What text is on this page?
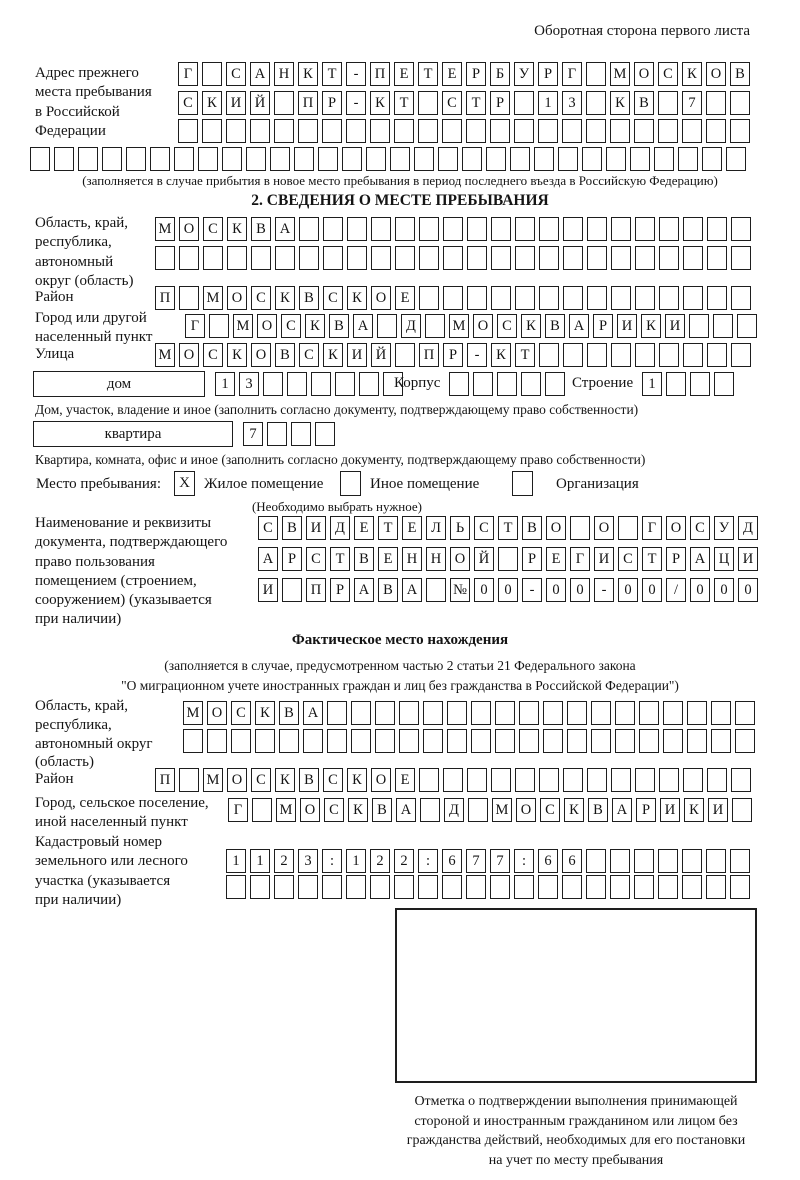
Оборотная сторона первого листа
Адрес прежнего
места пребывания
в Российской
Федерации
Г	С А Н К	Т	-	П Е	Т	Е	Р	Б	У	Р	Г	М О С К О В
С К И Й	П	Р	-	К	Т	С	Т	Р	1	3	К В	7
(заполняется в случае прибытия в новое место пребывания в период последнего въезда в Российскую Федерацию)
2. СВЕДЕНИЯ О МЕСТЕ ПРЕБЫВАНИЯ
Область, край,
республика,
автономный
округ (область)
М О С К В А
Район	П	М О С К В С К О Е
Город или другой
населенный пункт
Г	М О С К В А	Д	М О С К В А	Р	И К И
Улица	М О С К О В С К И Й	П	Р	-	К	Т
дом	1	3	Корпус	Строение	1
Дом, участок, владение и иное (заполнить согласно документу, подтверждающему право собственности)
квартира	7
Квартира, комната, офис и иное (заполнить согласно документу, подтверждающему право собственности)
Место пребывания:	X Жилое помещение	Иное помещение	Организация
(Необходимо выбрать нужное)
Наименование и реквизиты
документа, подтверждающего
право пользования
помещением (строением,
сооружением) (указывается
при наличии)
С В И Д	Е	Т	Е	Л	Ь	С	Т	В О	О	Г	О С У Д
А	Р	С	Т	В	Е Н Н О Й	Р	Е	Г	И С	Т	Р	А Ц И
И	П	Р	А В А	№ 0	0	-	0	0	-	0	0	/	0	0	0
Фактическое место нахождения
(заполняется в случае, предусмотренном частью 2 статьи 21 Федерального закона
"О миграционном учете иностранных граждан и лиц без гражданства в Российской Федерации")
Область, край,
республика,
автономный округ
(область)
М О С К В А
Район	П	М О С К В С К О Е
Город, сельское поселение,
иной населенный пункт
Г	М О С К В А	Д	М О С К В А	Р	И К И
Кадастровый номер
земельного или лесного
участка (указывается
при наличии)
1	1	2	3	:	1	2	2	:	6	7	7	:	6	6
Отметка о подтверждении выполнения принимающей
стороной и иностранным гражданином или лицом без
гражданства действий, необходимых для его постановки
на учет по месту пребывания
